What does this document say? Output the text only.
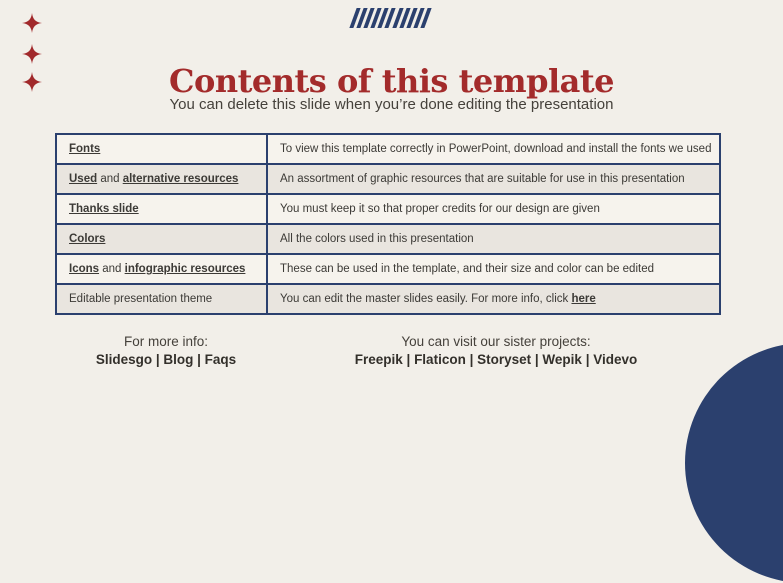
Contents of this template
You can delete this slide when you’re done editing the presentation
Fonts	To view this template correctly in PowerPoint, download and install the fonts we used
Used and alternative resources	An assortment of graphic resources that are suitable for use in this presentation
Thanks slide	You must keep it so that proper credits for our design are given
Colors	All the colors used in this presentation
Icons and infographic resources	These can be used in the template, and their size and color can be edited
Editable presentation theme	You can edit the master slides easily. For more info, click here
For more info:
Slidesgo | Blog | Faqs
You can visit our sister projects:
Freepik | Flaticon | Storyset | Wepik | Videvo
